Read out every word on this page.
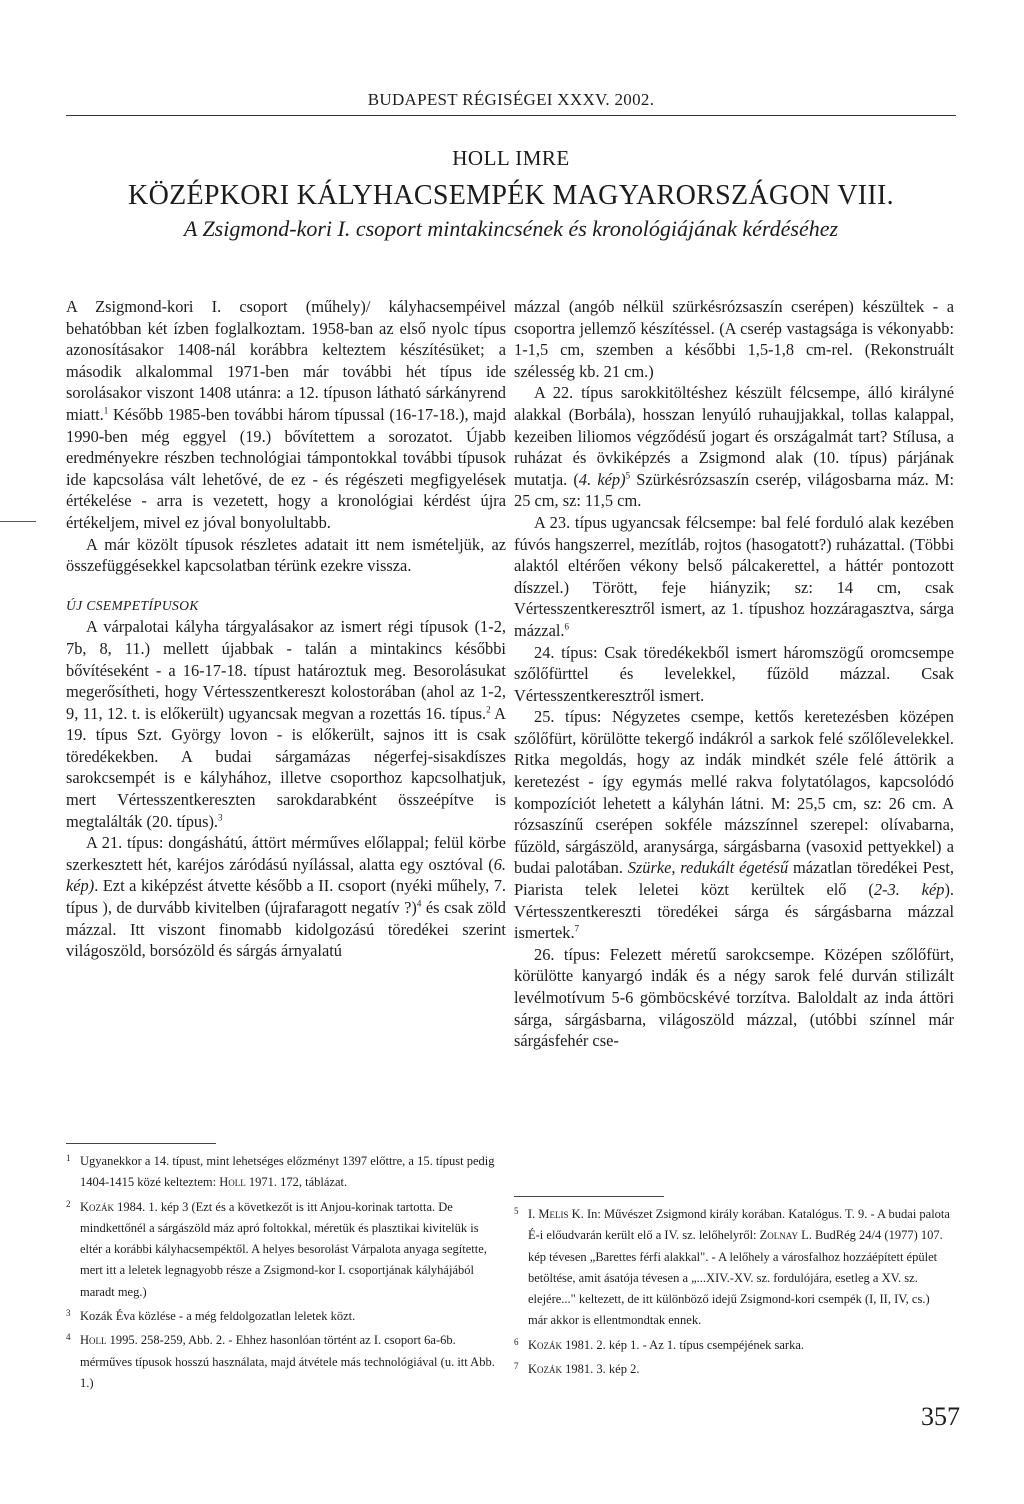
BUDAPEST RÉGISÉGEI XXXV. 2002.
HOLL IMRE
KÖZÉPKORI KÁLYHACSEMPÉK MAGYARORSZÁGON VIII.
A Zsigmond-kori I. csoport mintakincsének és kronológiájának kérdéséhez

A Zsigmond-kori I. csoport (műhely)/ kályhacsempéivel behatóbban két ízben foglalkoztam. 1958-ban az első nyolc típus azonosításakor 1408-nál korábbra kelteztem készítésüket; a második alkalommal 1971-ben már további hét típus ide sorolásakor viszont 1408 utánra: a 12. típuson látható sárkányrend miatt.$^1$ Később 1985-ben további három típussal (16-17-18.), majd 1990-ben még eggyel (19.) bővítettem a sorozatot. Újabb eredményekre részben technológiai támpontokkal további típusok ide kapcsolása vált lehetővé, de ez - és régészeti megfigyelések értékelése - arra is vezetett, hogy a kronológiai kérdést újra értékeljem, mivel ez jóval bonyolultabb.

A már közölt típusok részletes adatait itt nem ismételjük, az összefüggésekkel kapcsolatban térünk ezekre vissza.

ÚJ CSEMPETÍPUSOK

A várpalotai kályha tárgyalásakor az ismert régi típusok (1-2, 7b, 8, 11.) mellett újabbak - talán a mintakincs későbbi bővítéseként - a 16-17-18. típust határoztuk meg. Besorolásukat megerősítheti, hogy Vértesszentkereszt kolostorában (ahol az 1-2, 9, 11, 12. t. is előkerült) ugyancsak megvan a rozettás 16. típus.$^2$ A 19. típus Szt. György lovon - is előkerült, sajnos itt is csak töredékekben. A budai sárgamázas négerfej-sisakdíszes sarokcsempét is e kályhához, illetve csoporthoz kapcsolhatjuk, mert Vértesszentkereszten sarokdarabként összeépítve is megtalálták (20. típus).$^3$

A 21. típus: dongáshátú, áttört mérműves előlappal; felül körbe szerkesztett hét, karéjos záródású nyílással, alatta egy osztóval (6. kép). Ezt a kiképzést átvette később a II. csoport (nyéki műhely, 7. típus ), de durvább kivitelben (újrafaragott negatív ?)$^4$ és csak zöld mázzal. Itt viszont finomabb kidolgozású töredékei szerint világoszöld, borsózöld és sárgás árnyalatú

mázzal (angób nélkül szürkésrózsaszín cserépen) készültek - a csoportra jellemző készítéssel. (A cserép vastagsága is vékonyabb: 1-1,5 cm, szemben a későbbi 1,5-1,8 cm-rel. (Rekonstruált szélesség kb. 21 cm.)

A 22. típus sarokkitöltéshez készült félcsempe, álló királyné alakkal (Borbála), hosszan lenyúló ruhaujjakkal, tollas kalappal, kezeiben liliomos végződésű jogart és országalmát tart? Stílusa, a ruházat és övkiképzés a Zsigmond alak (10. típus) párjának mutatja. (4. kép)$^5$ Szürkésrózsaszín cserép, világosbarna máz. M: 25 cm, sz: 11,5 cm.

A 23. típus ugyancsak félcsempe: bal felé forduló alak kezében fúvós hangszerrel, mezítláb, rojtos (hasogatott?) ruházattal. (Többi alaktól eltérően vékony belső pálcakerettel, a háttér pontozott díszzel.) Törött, feje hiányzik; sz: 14 cm, csak Vértesszentkeresztről ismert, az 1. típushoz hozzáragasztva, sárga mázzal.$^6$

24. típus: Csak töredékekből ismert háromszögű oromcsempe szőlőfürttel és levelekkel, fűzöld mázzal. Csak Vértesszentkeresztről ismert.

25. típus: Négyzetes csempe, kettős keretezésben középen szőlőfürt, körülötte tekergő indákról a sarkok felé szőlőlevelekkel. Ritka megoldás, hogy az indák mindkét széle felé áttörik a keretezést - így egymás mellé rakva folytatólagos, kapcsolódó kompozíciót lehetett a kályhán látni. M: 25,5 cm, sz: 26 cm. A rózsaszínű cserépen sokféle mázszínnel szerepel: olívabarna, fűzöld, sárgászöld, aranysárga, sárgásbarna (vasoxid pettyekkel) a budai palotában. Szürke, redukált égetésű mázatlan töredékei Pest, Piarista telek leletei közt kerültek elő (2-3. kép). Vértesszentkereszti töredékei sárga és sárgásbarna mázzal ismertek.$^7$

26. típus: Felezett méretű sarokcsempe. Középen szőlőfürt, körülötte kanyargó indák és a négy sarok felé durván stilizált levélmotívum 5-6 gömböcskévé torzítva. Baloldalt az inda áttöri sárga, sárgásbarna, világoszöld mázzal, (utóbbi színnel már sárgásfehér cse-

1 Ugyanekkor a 14. típust, mint lehetséges előzményt 1397 előttre, a 15. típust pedig 1404-1415 közé kelteztem: Holl 1971. 172, táblázat.

2 Kozák 1984. 1. kép 3 (Ezt és a következőt is itt Anjou-korinak tartotta. De mindkettőnél a sárgászöld máz apró foltokkal, méretük és plasztikai kivitelük is eltér a korábbi kályhacsempéktől. A helyes besorolást Várpalota anyaga segítette, mert itt a leletek legnagyobb része a Zsigmond-kor I. csoportjának kályhájából maradt meg.)

3 Kozák Éva közlése - a még feldolgozatlan leletek közt.

4 Holl 1995. 258-259, Abb. 2. - Ehhez hasonlóan történt az I. csoport 6a-6b. mérműves típusok hosszú használata, majd átvétele más technológiával (u. itt Abb. 1.)

5 I. Melis K. In: Művészet Zsigmond király korában. Katalógus. T. 9. - A budai palota É-i előudvarán került elő a IV. sz. lelőhelyről: Zolnay L. BudRég 24/4 (1977) 107. kép tévesen „Barettes férfi alakkal". - A lelőhely a városfalhoz hozzáépített épület betöltése, amit ásatója tévesen a „...XIV.-XV. sz. fordulójára, esetleg a XV. sz. elejére..." keltezett, de itt különböző idejű Zsigmond-kori csempék (I, II, IV, cs.) már akkor is ellentmondtak ennek.

6 Kozák 1981. 2. kép 1. - Az 1. típus csempéjének sarka.

7 Kozák 1981. 3. kép 2.

357
